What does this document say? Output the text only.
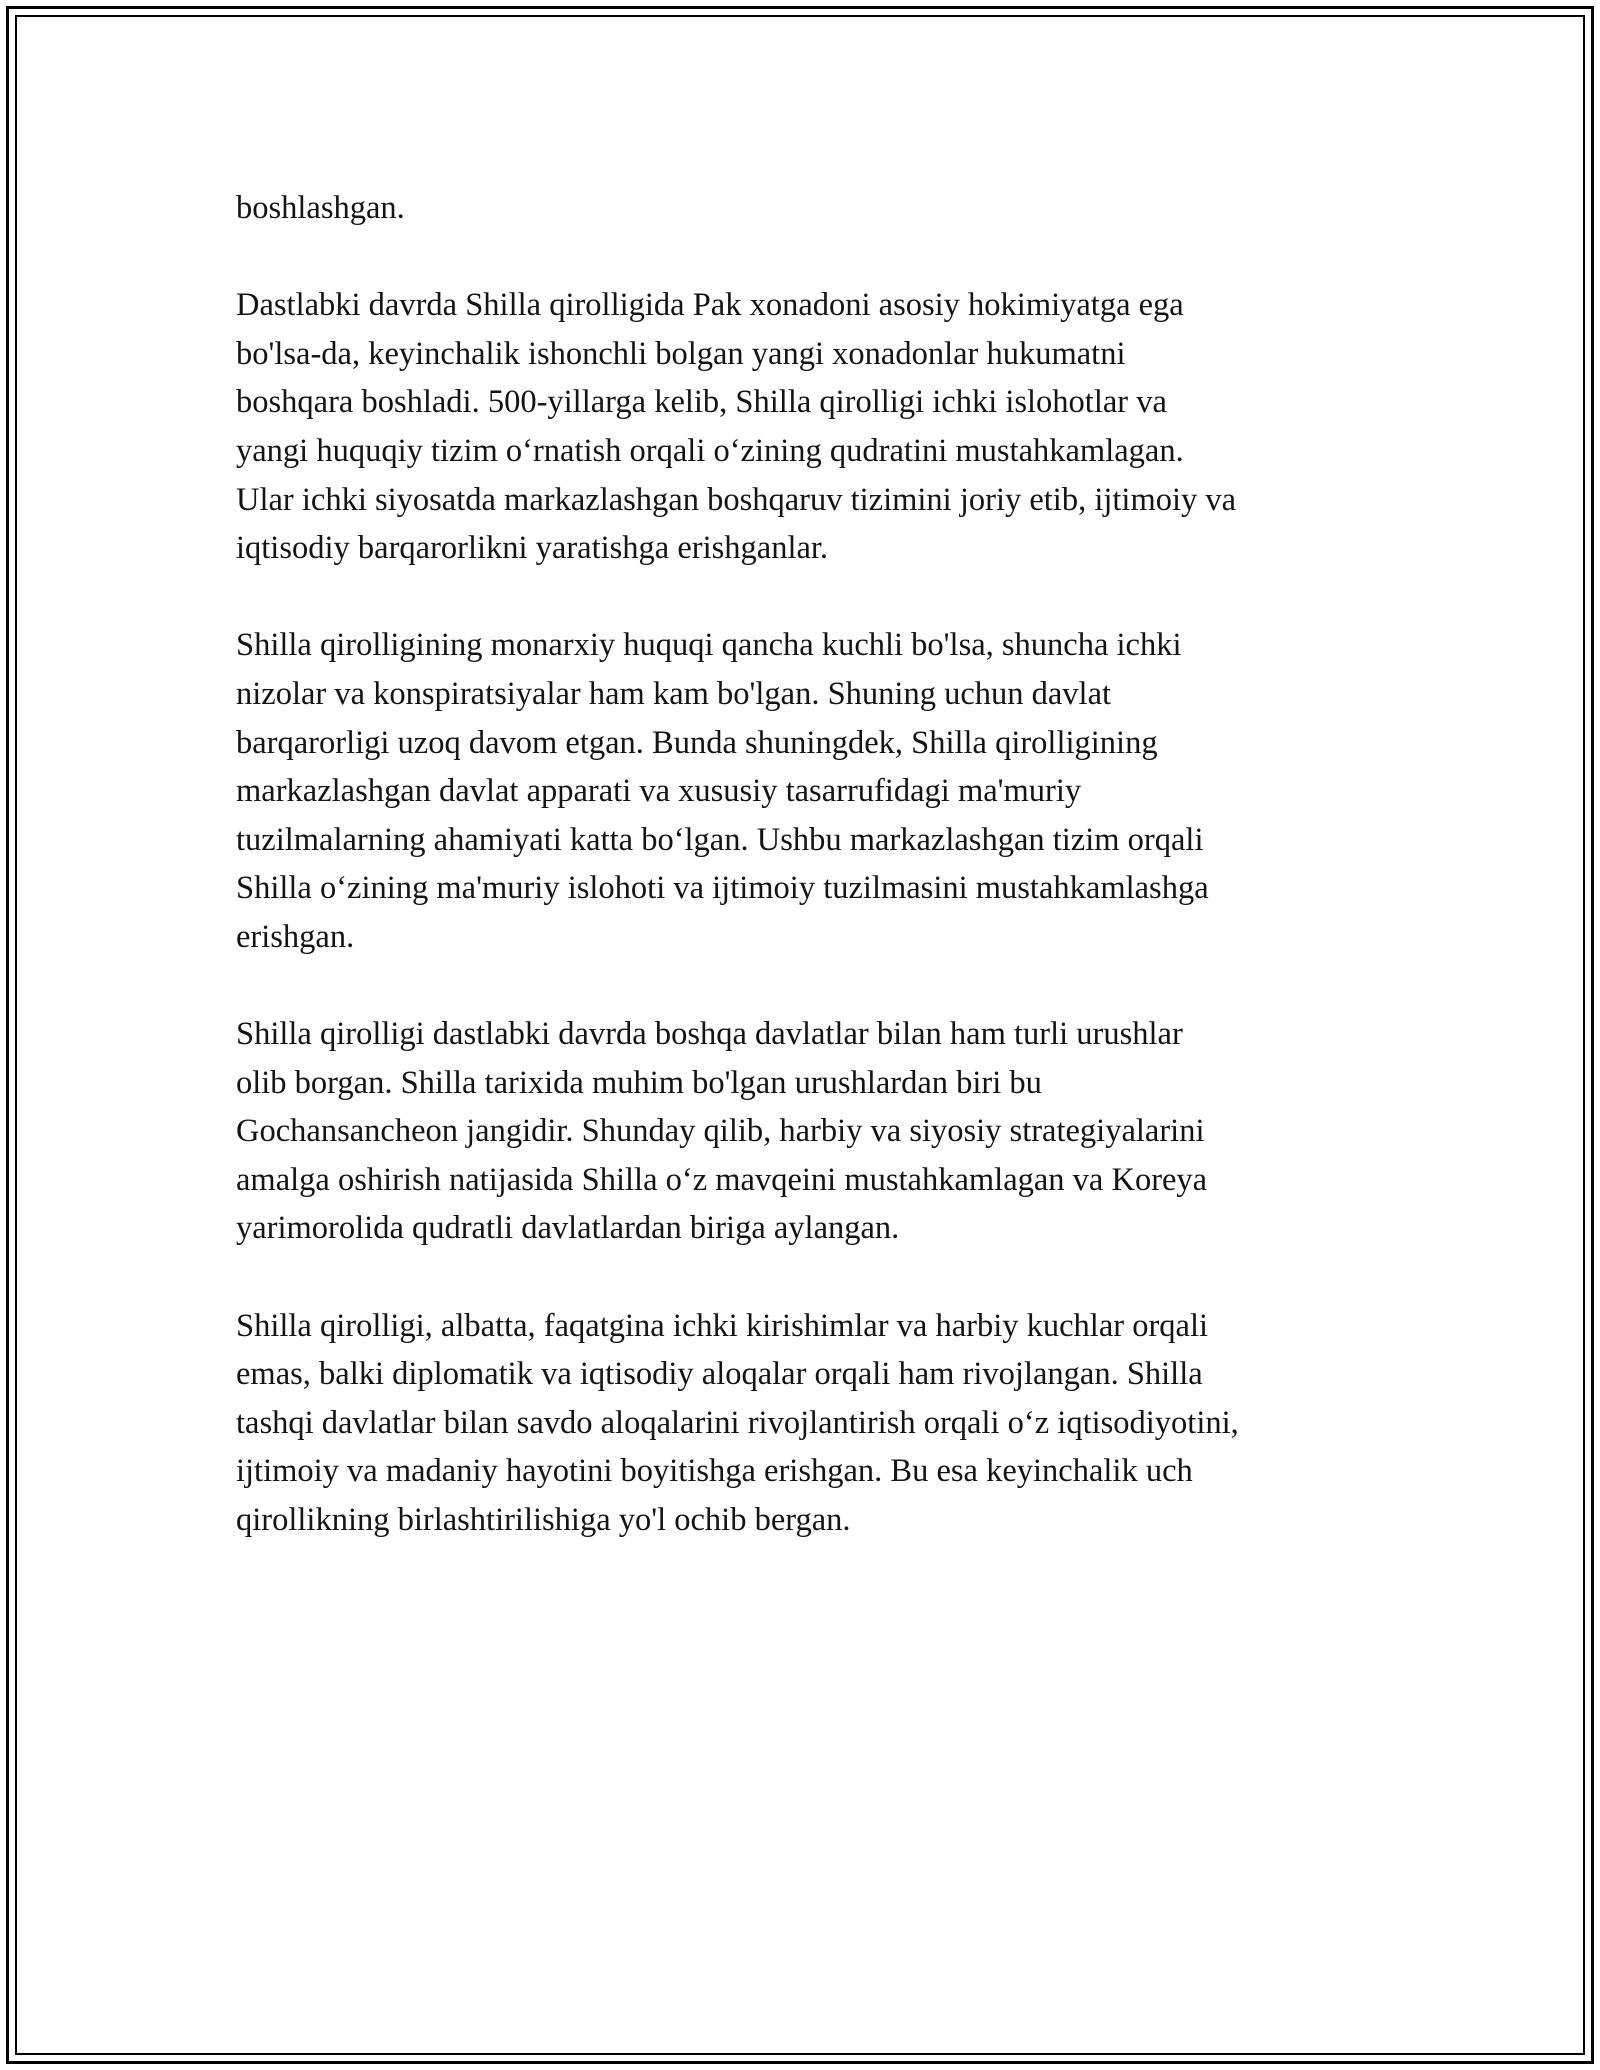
boshlashgan.

Dastlabki davrda Shilla qirolligida Pak xonadoni asosiy hokimiyatga ega
bo'lsa-da, keyinchalik ishonchli bolgan yangi xonadonlar hukumatni
boshqara boshladi. 500-yillarga kelib, Shilla qirolligi ichki islohotlar va
yangi huquqiy tizim oʻrnatish orqali oʻzining qudratini mustahkamlagan.
Ular ichki siyosatda markazlashgan boshqaruv tizimini joriy etib, ijtimoiy va
iqtisodiy barqarorlikni yaratishga erishganlar.

Shilla qirolligining monarxiy huquqi qancha kuchli bo'lsa, shuncha ichki
nizolar va konspiratsiyalar ham kam bo'lgan. Shuning uchun davlat
barqarorligi uzoq davom etgan. Bunda shuningdek, Shilla qirolligining
markazlashgan davlat apparati va xususiy tasarrufidagi ma'muriy
tuzilmalarning ahamiyati katta boʻlgan. Ushbu markazlashgan tizim orqali
Shilla oʻzining ma'muriy islohoti va ijtimoiy tuzilmasini mustahkamlashga
erishgan.

Shilla qirolligi dastlabki davrda boshqa davlatlar bilan ham turli urushlar
olib borgan. Shilla tarixida muhim bo'lgan urushlardan biri bu
Gochansancheon jangidir. Shunday qilib, harbiy va siyosiy strategiyalarini
amalga oshirish natijasida Shilla oʻz mavqeini mustahkamlagan va Koreya
yarimorolida qudratli davlatlardan biriga aylangan.

Shilla qirolligi, albatta, faqatgina ichki kirishimlar va harbiy kuchlar orqali
emas, balki diplomatik va iqtisodiy aloqalar orqali ham rivojlangan. Shilla
tashqi davlatlar bilan savdo aloqalarini rivojlantirish orqali oʻz iqtisodiyotini,
ijtimoiy va madaniy hayotini boyitishga erishgan. Bu esa keyinchalik uch
qirollikning birlashtirilishiga yo'l ochib bergan.
